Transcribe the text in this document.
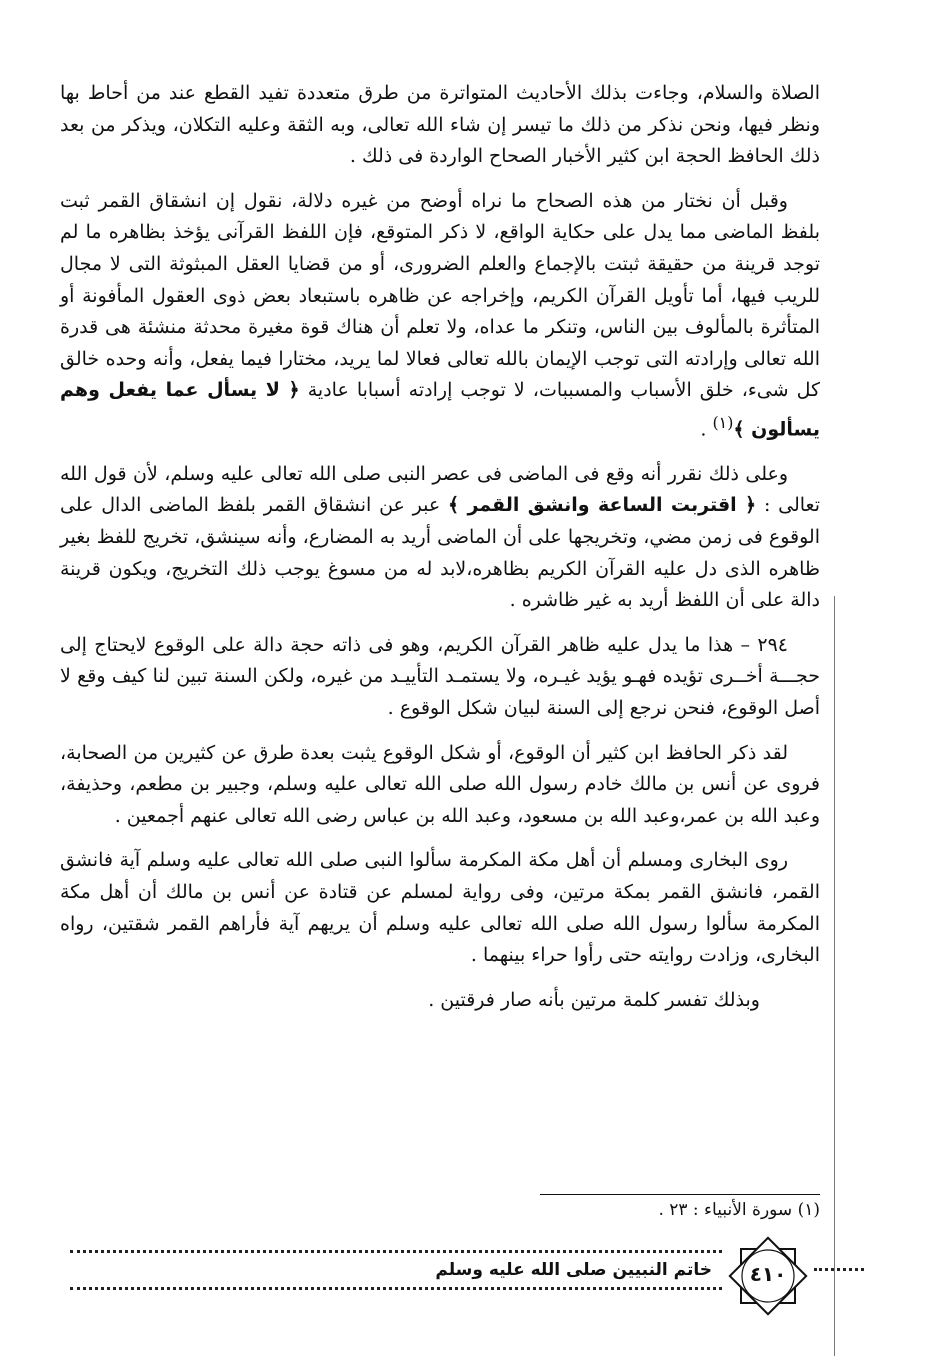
الصلاة والسلام، وجاءت بذلك الأحاديث المتواترة من طرق متعددة تفيد القطع عند من أحاط بها ونظر فيها، ونحن نذكر من ذلك ما تيسر إن شاء الله تعالى، وبه الثقة وعليه التكلان، ويذكر من بعد ذلك الحافظ الحجة ابن كثير الأخبار الصحاح الواردة فى ذلك .

وقبل أن نختار من هذه الصحاح ما نراه أوضح من غيره دلالة، نقول إن انشقاق القمر ثبت بلفظ الماضى مما يدل على حكاية الواقع، لا ذكر المتوقع، فإن اللفظ القرآنى يؤخذ بظاهره ما لم توجد قرينة من حقيقة ثبتت بالإجماع والعلم الضرورى، أو من قضايا العقل المبثوثة التى لا مجال للريب فيها، أما تأويل القرآن الكريم، وإخراجه عن ظاهره باستبعاد بعض ذوى العقول المأفونة أو المتأثرة بالمألوف بين الناس، وتنكر ما عداه، ولا تعلم أن هناك قوة مغيرة محدثة منشئة هى قدرة الله تعالى وإرادته التى توجب الإيمان بالله تعالى فعالا لما يريد، مختارا فيما يفعل، وأنه وحده خالق كل شىء، خلق الأسباب والمسببات، لا توجب إرادته أسبابا عادية ﴿ لا يسأل عما يفعل وهم يسألون ﴾$^{(١)}$ .

وعلى ذلك نقرر أنه وقع فى الماضى فى عصر النبى صلى الله تعالى عليه وسلم، لأن قول الله تعالى : ﴿ اقتربت الساعة وانشق القمر ﴾ عبر عن انشقاق القمر بلفظ الماضى الدال على الوقوع فى زمن مضي، وتخريجها على أن الماضى أريد به المضارع، وأنه سينشق، تخريج للفظ بغير ظاهره الذى دل عليه القرآن الكريم بظاهره،لابد له من مسوغ يوجب ذلك التخريج، ويكون قرينة دالة على أن اللفظ أريد به غير ظاشره .

٢٩٤ – هذا ما يدل عليه ظاهر القرآن الكريم، وهو فى ذاته حجة دالة على الوقوع لايحتاج إلى حجـــة أخــرى تؤيده فهـو يؤيد غيـره، ولا يستمـد التأييـد من غيره، ولكن السنة تبين لنا كيف وقع لا أصل الوقوع، فنحن نرجع إلى السنة لبيان شكل الوقوع .

لقد ذكر الحافظ ابن كثير أن الوقوع، أو شكل الوقوع يثبت بعدة طرق عن كثيرين من الصحابة، فروى عن أنس بن مالك خادم رسول الله صلى الله تعالى عليه وسلم، وجبير بن مطعم، وحذيفة، وعبد الله بن عمر،وعبد الله بن مسعود، وعبد الله بن عباس رضى الله تعالى عنهم أجمعين .

روى البخارى ومسلم أن أهل مكة المكرمة سألوا النبى صلى الله تعالى عليه وسلم آية فانشق القمر، فانشق القمر بمكة مرتين، وفى رواية لمسلم عن قتادة عن أنس بن مالك أن أهل مكة المكرمة سألوا رسول الله صلى الله تعالى عليه وسلم أن يريهم آية فأراهم القمر شقتين، رواه البخارى، وزادت روايته حتى رأوا حراء بينهما .

وبذلك تفسر كلمة مرتين بأنه صار فرقتين .

(١) سورة الأنبياء : ٢٣ .
خاتم النبيين صلى الله عليه وسلم	٤١٠
